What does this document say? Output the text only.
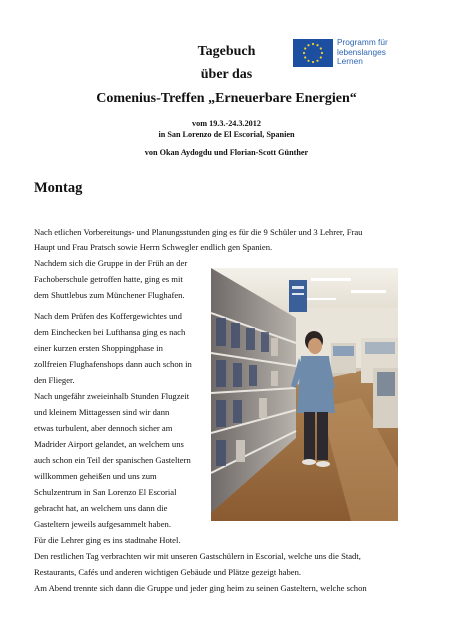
Programm für
lebenslanges
Lernen
Tagebuch
über das
Comenius-Treffen „Erneuerbare Energien“
vom 19.3.-24.3.2012
in San Lorenzo de El Escorial, Spanien
von Okan Aydogdu und Florian-Scott Günther
Montag
Nach etlichen Vorbereitungs- und Planungsstunden ging es für die 9 Schüler und 3 Lehrer, Frau
Haupt und Frau Pratsch sowie Herrn Schwegler endlich gen Spanien.
Nachdem sich die Gruppe in der Früh an der
Fachoberschule getroffen hatte, ging es mit
dem Shuttlebus zum Münchener Flughafen.
Nach dem Prüfen des Koffergewichtes und
dem Einchecken bei Lufthansa ging es nach
einer kurzen ersten Shoppingphase in
zollfreien Flughafenshops dann auch schon in
den Flieger.
Nach ungefähr zweieinhalb Stunden Flugzeit
und kleinem Mittagessen sind wir dann
etwas turbulent, aber dennoch sicher am
Madrider Airport gelandet, an welchem uns
auch schon ein Teil der spanischen Gasteltern
willkommen geheißen und uns zum
Schulzentrum in San Lorenzo El Escorial
gebracht hat, an welchem uns dann die
Gasteltern jeweils aufgesammelt haben.
Für die Lehrer ging es ins stadtnahe Hotel.
Den restlichen Tag verbrachten wir mit unseren Gastschülern in Escorial, welche uns die Stadt,
Restaurants, Cafés und anderen wichtigen Gebäude und Plätze gezeigt haben.
Am Abend trennte sich dann die Gruppe und jeder ging heim zu seinen Gasteltern, welche schon
